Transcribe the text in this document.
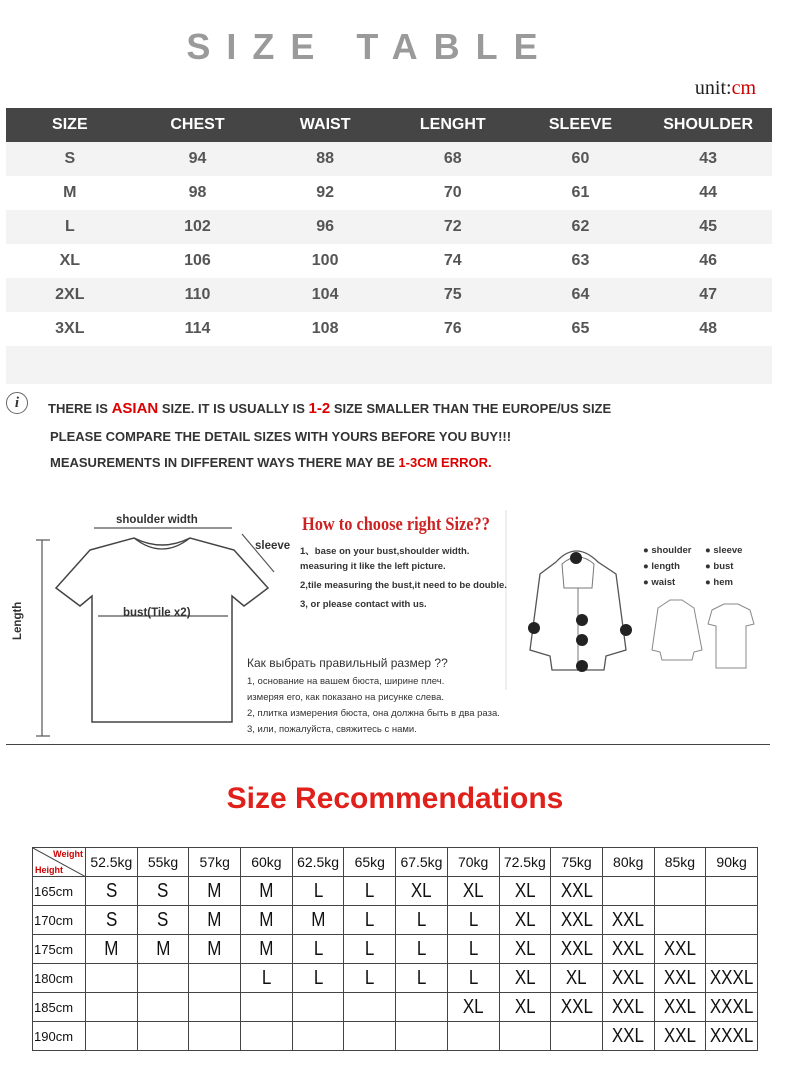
SIZE TABLE
unit:cm
SIZE	CHEST	WAIST	LENGHT	SLEEVE	SHOULDER
S	94	88	68	60	43
M	98	92	70	61	44
L	102	96	72	62	45
XL	106	100	74	63	46
2XL	110	104	75	64	47
3XL	114	108	76	65	48

i	THERE IS ASIAN SIZE. IT IS USUALLY IS 1-2 SIZE SMALLER THAN THE EUROPE/US SIZE
PLEASE COMPARE THE DETAIL SIZES WITH YOURS BEFORE YOU BUY!!!
MEASUREMENTS IN DIFFERENT WAYS THERE MAY BE 1-3CM ERROR.
shoulder width
sleeve
bust(Tile x2)
Length
How to choose right Size??
1、base on your bust,shoulder width.
measuring it like the left picture.
2,tile measuring the bust,it need to be double.
3, or please contact with us.
Как выбрать правильный размер ??
1, основание на вашем бюста, ширине плеч.
измеряя его, как показано на рисунке слева.
2, плитка измерения бюста, она должна быть в два раза.
3, или, пожалуйста, свяжитесь с нами.
● shoulder ● sleeve
● length	● bust
● waist	● hem
Size Recommendations
Weight
Height	52.5kg	55kg	57kg	60kg	62.5kg	65kg	67.5kg	70kg	72.5kg	75kg	80kg	85kg	90kg
165cm	S	S	M	M	L	L	XL	XL	XL	XXL			
170cm	S	S	M	M	M	L	L	L	XL	XXL	XXL		
175cm	M	M	M	M	L	L	L	L	XL	XXL	XXL	XXL	
180cm				L	L	L	L	L	XL	XL	XXL	XXL	XXXL
185cm								XL	XL	XXL	XXL	XXL	XXXL
190cm											XXL	XXL	XXXL
